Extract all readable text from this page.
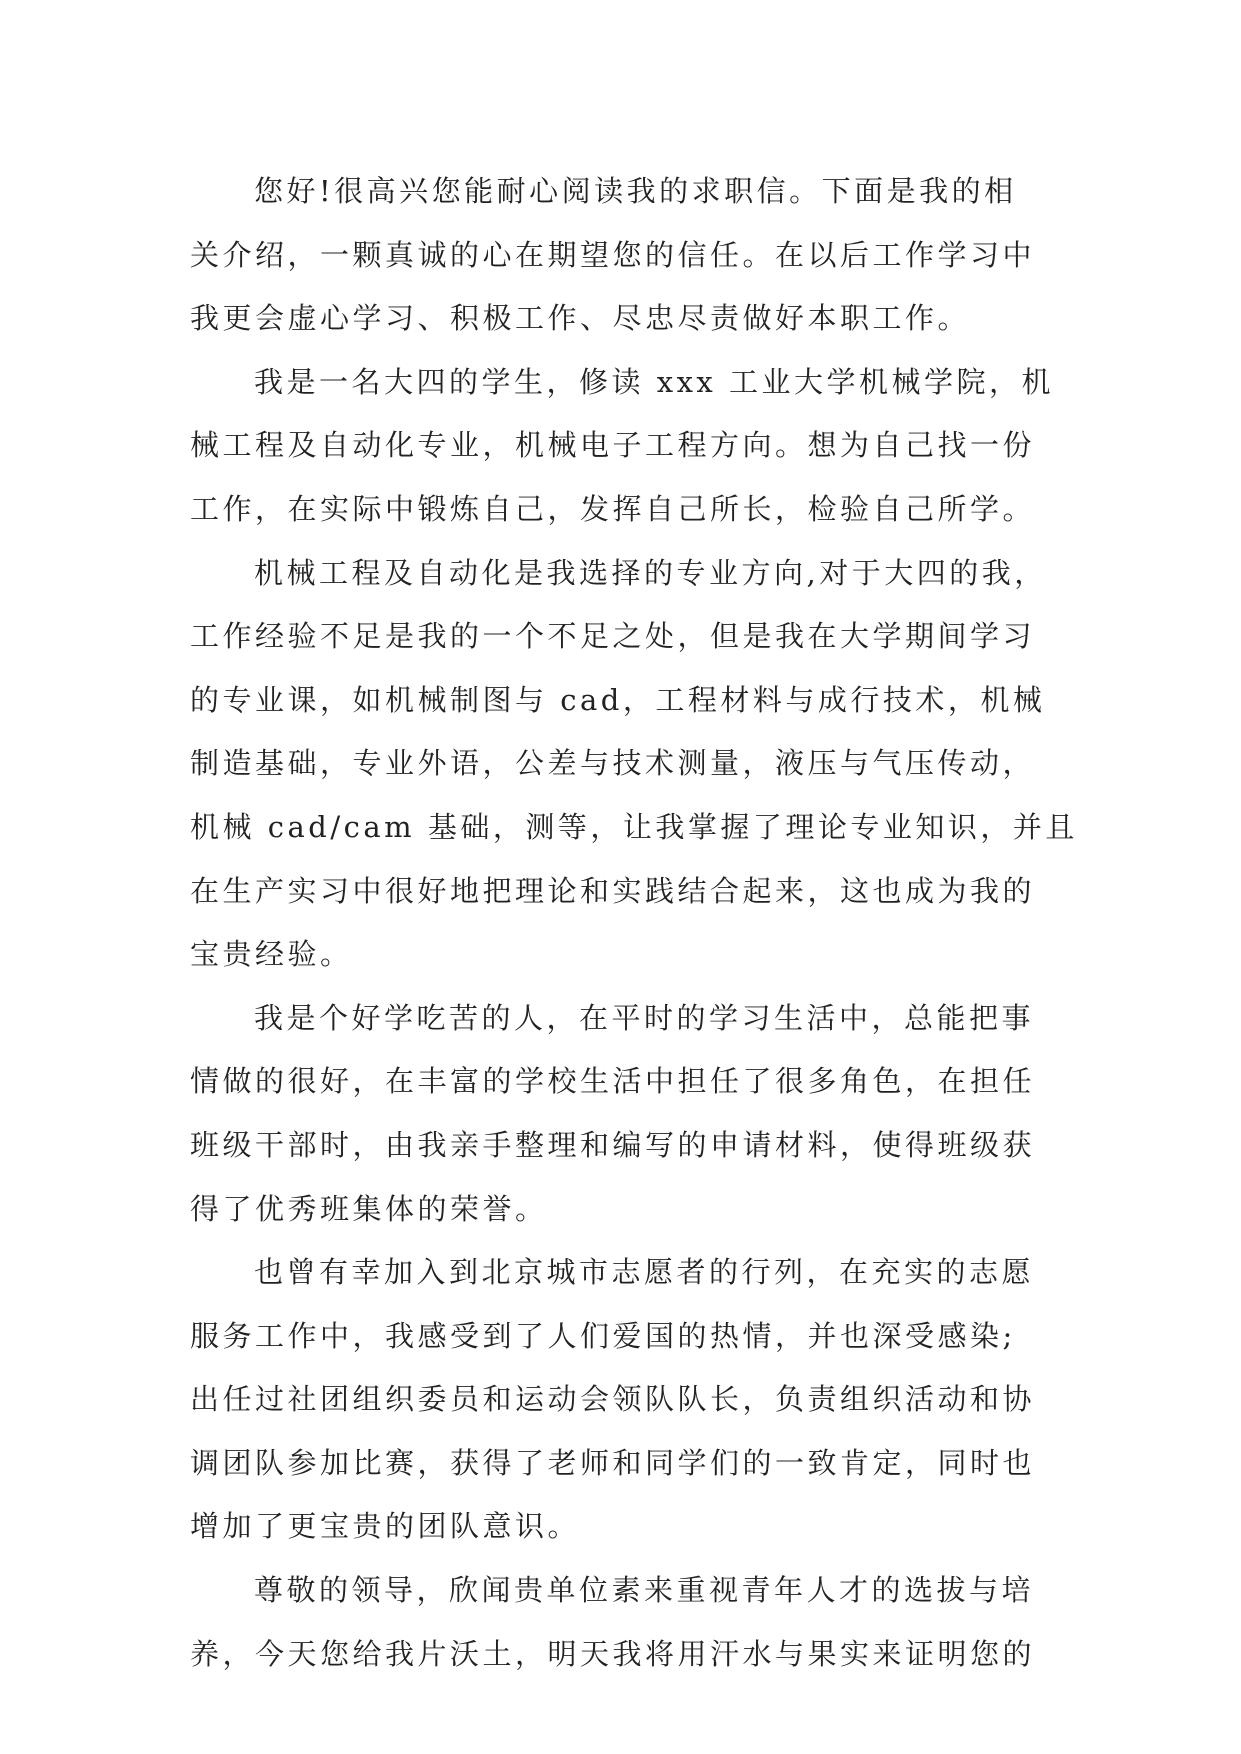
您好!很高兴您能耐心阅读我的求职信。下面是我的相
关介绍，一颗真诚的心在期望您的信任。在以后工作学习中
我更会虚心学习、积极工作、尽忠尽责做好本职工作。

我是一名大四的学生，修读 xxx 工业大学机械学院，机
械工程及自动化专业，机械电子工程方向。想为自己找一份
工作，在实际中锻炼自己，发挥自己所长，检验自己所学。

机械工程及自动化是我选择的专业方向,对于大四的我，
工作经验不足是我的一个不足之处，但是我在大学期间学习
的专业课，如机械制图与 cad，工程材料与成行技术，机械
制造基础，专业外语，公差与技术测量，液压与气压传动，
机械 cad/cam 基础，测等，让我掌握了理论专业知识，并且
在生产实习中很好地把理论和实践结合起来，这也成为我的
宝贵经验。

我是个好学吃苦的人，在平时的学习生活中，总能把事
情做的很好，在丰富的学校生活中担任了很多角色，在担任
班级干部时，由我亲手整理和编写的申请材料，使得班级获
得了优秀班集体的荣誉。

也曾有幸加入到北京城市志愿者的行列，在充实的志愿
服务工作中，我感受到了人们爱国的热情，并也深受感染;
出任过社团组织委员和运动会领队队长，负责组织活动和协
调团队参加比赛，获得了老师和同学们的一致肯定，同时也
增加了更宝贵的团队意识。

尊敬的领导，欣闻贵单位素来重视青年人才的选拔与培
养，今天您给我片沃土，明天我将用汗水与果实来证明您的
